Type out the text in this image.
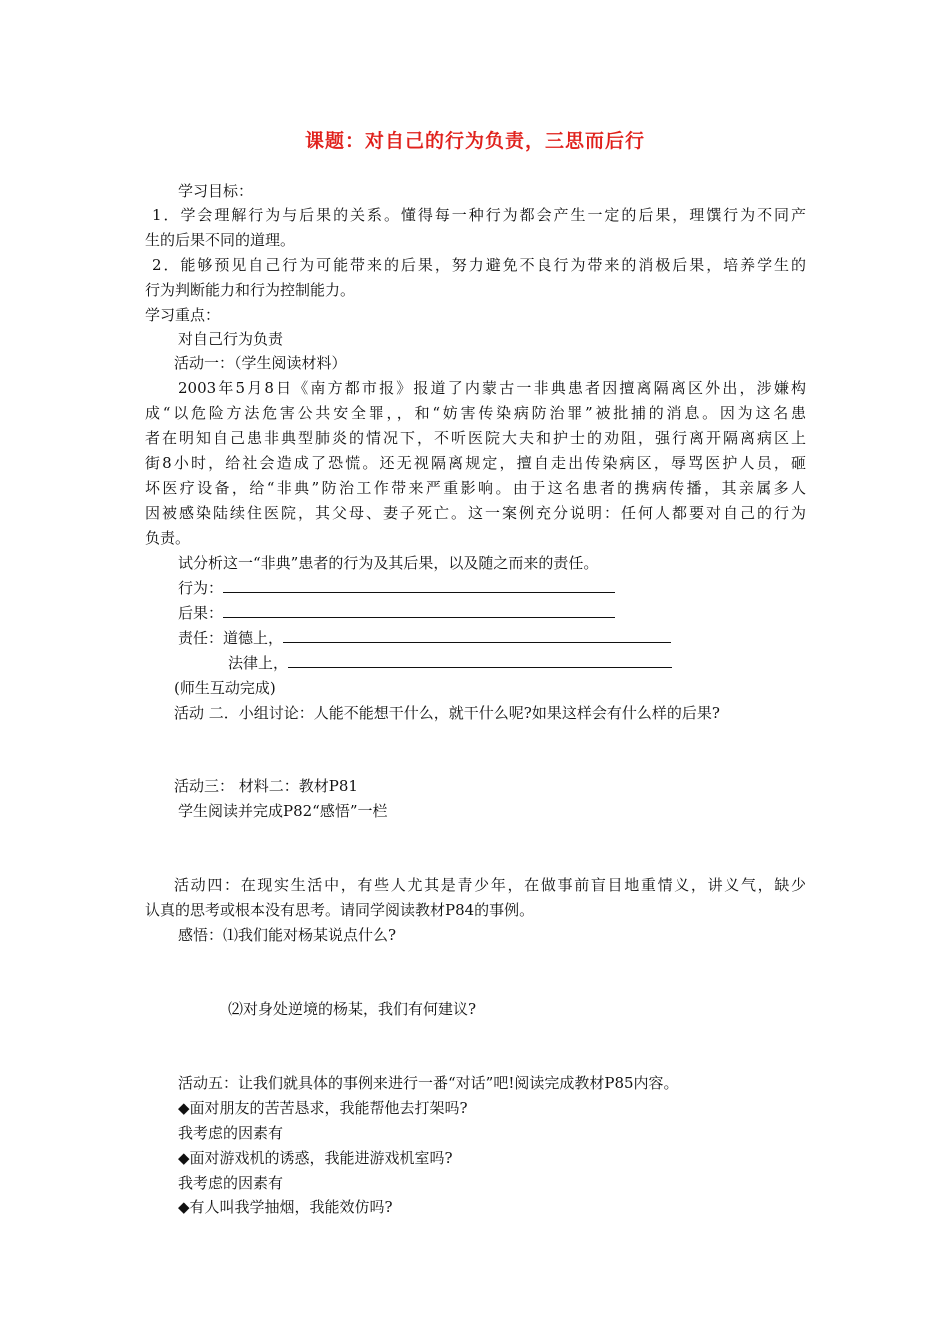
课题：对自己的行为负责，三思而后行
学习目标：
1．学会理解行为与后果的关系。懂得每一种行为都会产生一定的后果，理馔行为不同产
生的后果不同的道理。
2．能够预见自己行为可能带来的后果，努力避免不良行为带来的消极后果，培养学生的
行为判断能力和行为控制能力。
学习重点：
对自己行为负责
活动一：（学生阅读材料）
2003年5月8日《南方都市报》报道了内蒙古一非典患者因擅离隔离区外出，涉嫌构
成“以危险方法危害公共安全罪，，和“妨害传染病防治罪”被批捕的消息。因为这名患
者在明知自己患非典型肺炎的情况下，不听医院大夫和护士的劝阻，强行离开隔离病区上
街8小时，给社会造成了恐慌。还无视隔离规定，擅自走出传染病区，辱骂医护人员，砸
坏医疗设备，给“非典”防治工作带来严重影响。由于这名患者的携病传播，其亲属多人
因被感染陆续住医院，其父母、妻子死亡。这一案例充分说明：任何人都要对自己的行为
负责。
试分析这一“非典”患者的行为及其后果，以及随之而来的责任。
行为：
后果：
责任：道德上，
法律上，
(师生互动完成)
活动 二．小组讨论：人能不能想干什么，就干什么呢?如果这样会有什么样的后果?
活动三： 材料二：教材P81
学生阅读并完成P82“感悟”一栏
活动四：在现实生活中，有些人尤其是青少年，在做事前盲目地重情义，讲义气，缺少
认真的思考或根本没有思考。请同学阅读教材P84的事例。
感悟：⑴我们能对杨某说点什么?
⑵对身处逆境的杨某，我们有何建议?
活动五：让我们就具体的事例来进行一番“对话”吧!阅读完成教材P85内容。
◆面对朋友的苦苦恳求，我能帮他去打架吗?
我考虑的因素有
◆面对游戏机的诱惑，我能进游戏机室吗?
我考虑的因素有
◆有人叫我学抽烟，我能效仿吗?
